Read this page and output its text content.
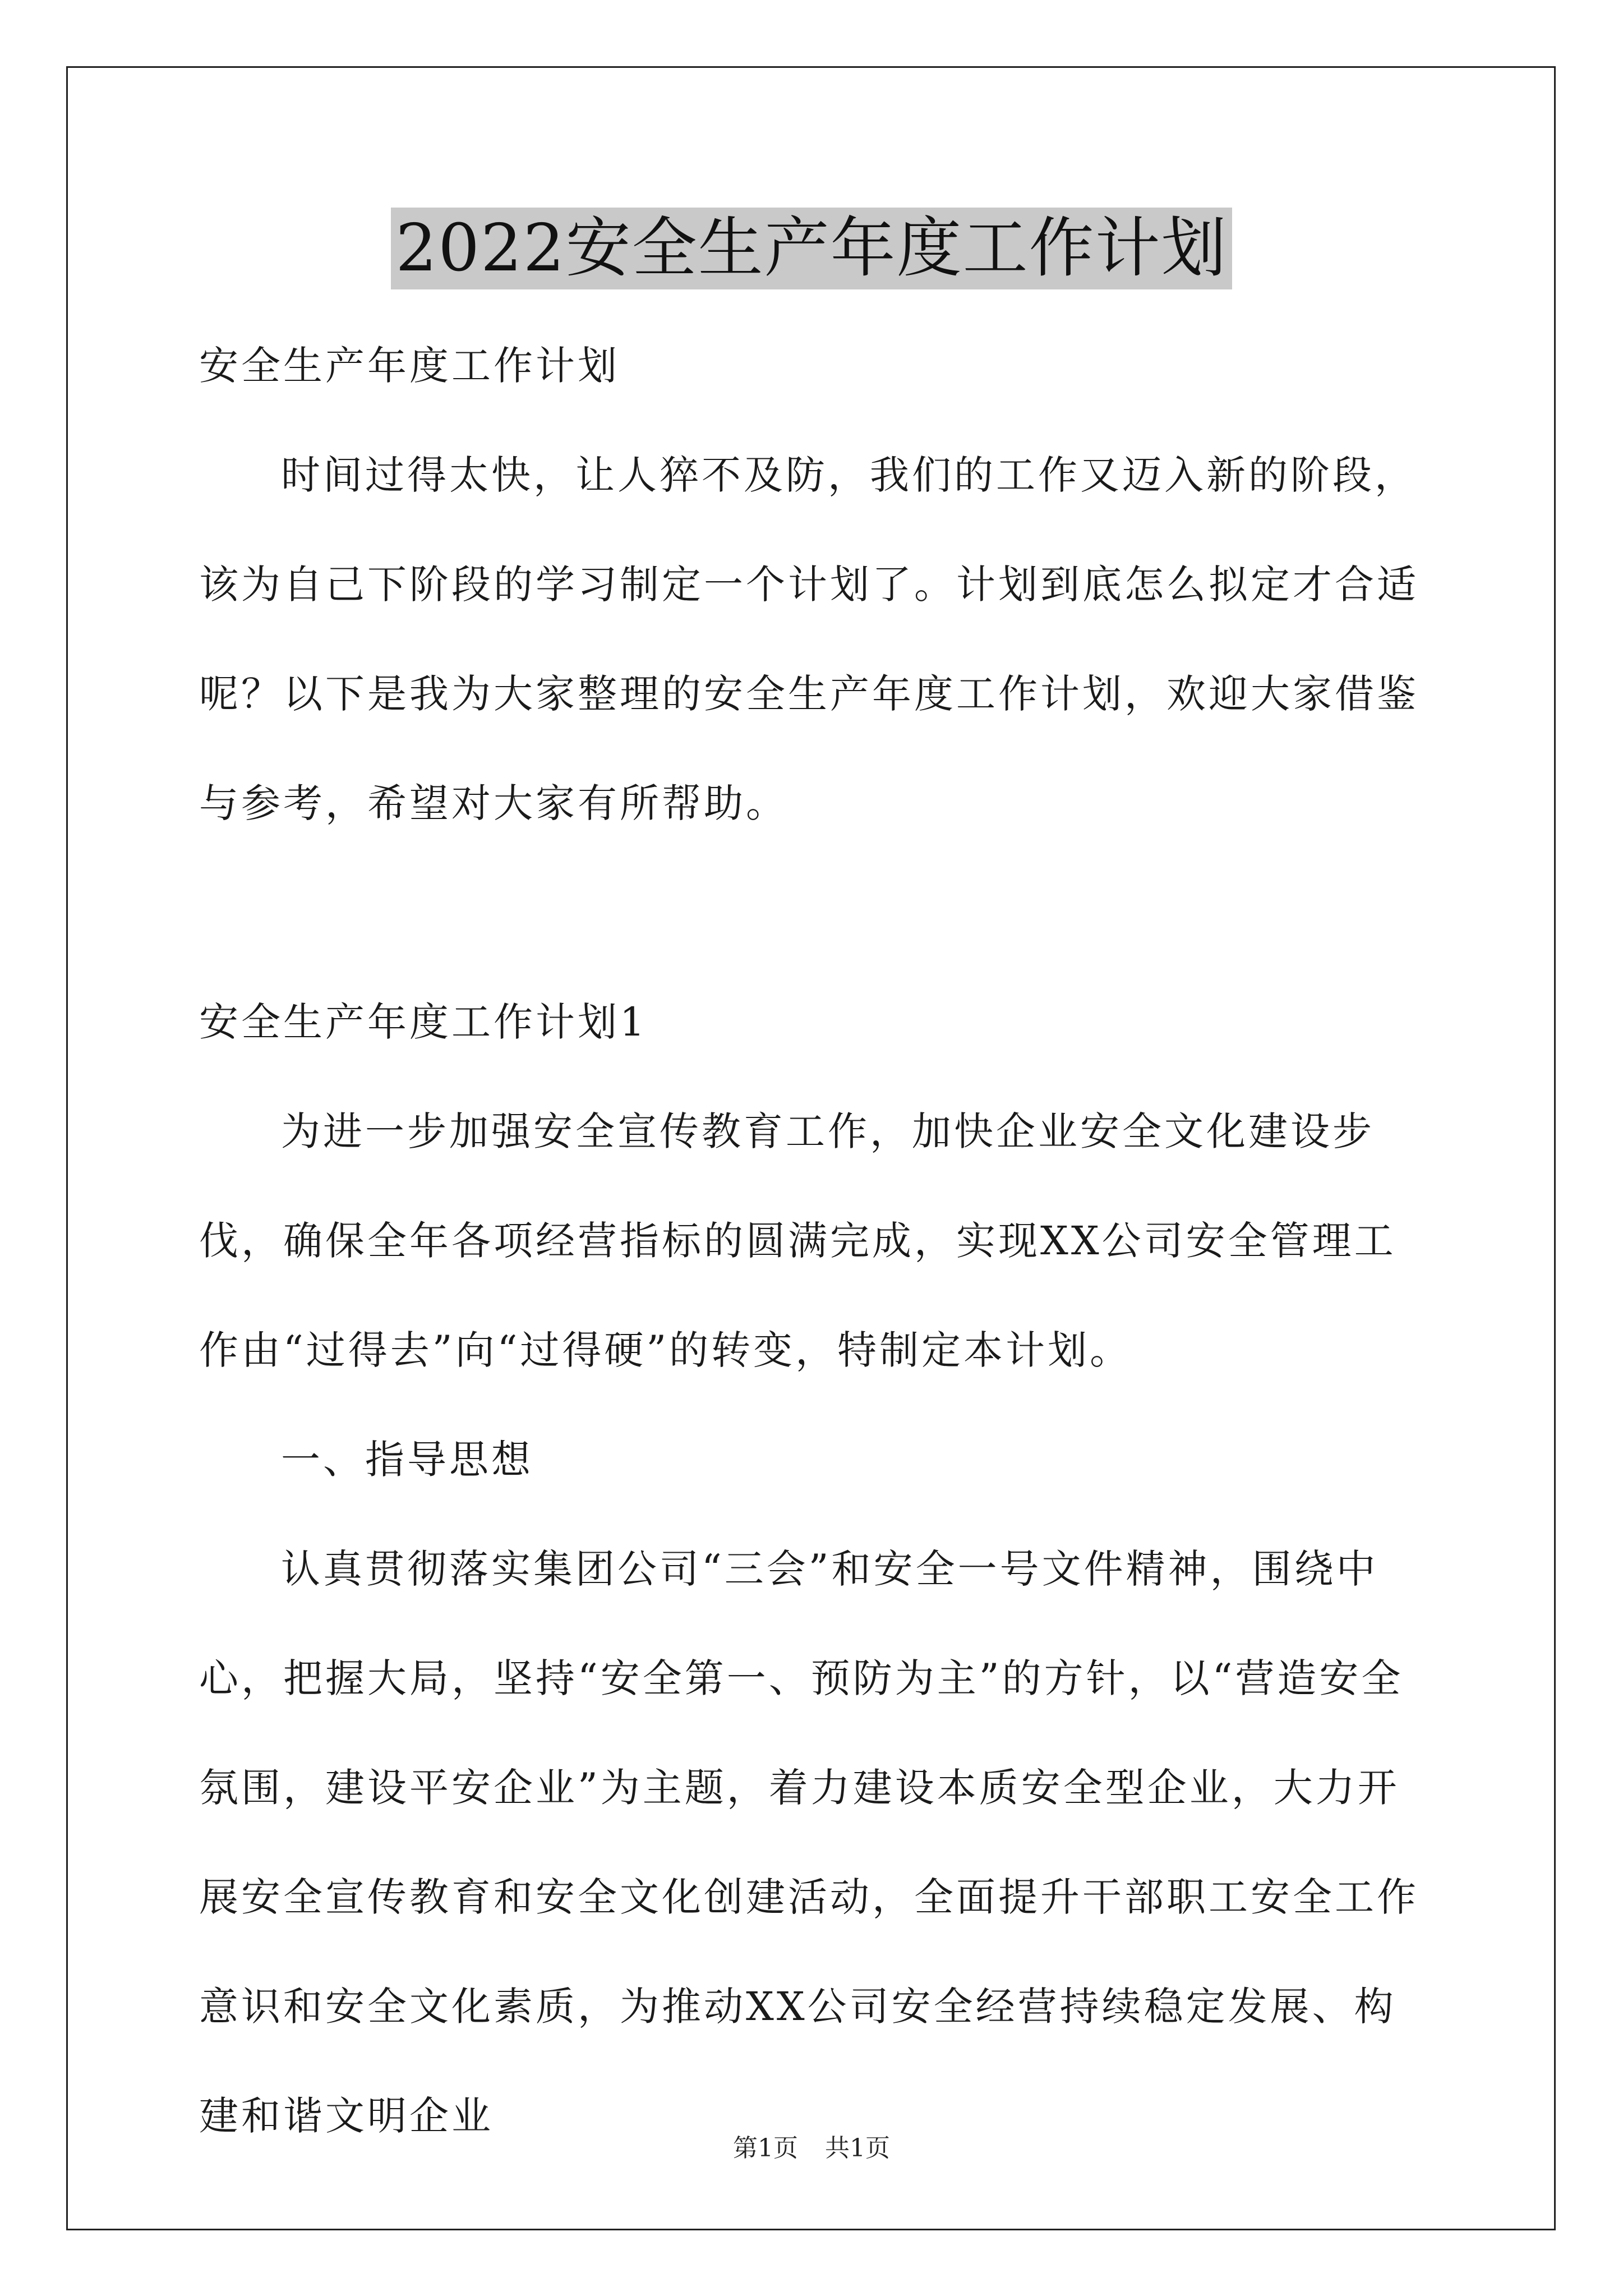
2022安全生产年度工作计划

安全生产年度工作计划

时间过得太快，让人猝不及防，我们的工作又迈入新的阶段，该为自己下阶段的学习制定一个计划了。计划到底怎么拟定才合适呢？以下是我为大家整理的安全生产年度工作计划，欢迎大家借鉴与参考，希望对大家有所帮助。

安全生产年度工作计划1

为进一步加强安全宣传教育工作，加快企业安全文化建设步伐，确保全年各项经营指标的圆满完成，实现XX公司安全管理工作由“过得去”向“过得硬”的转变，特制定本计划。

一、指导思想

认真贯彻落实集团公司“三会”和安全一号文件精神，围绕中心，把握大局，坚持“安全第一、预防为主”的方针，以“营造安全氛围，建设平安企业”为主题，着力建设本质安全型企业，大力开展安全宣传教育和安全文化创建活动，全面提升干部职工安全工作意识和安全文化素质，为推动XX公司安全经营持续稳定发展、构建和谐文明企业

第1页 共1页
